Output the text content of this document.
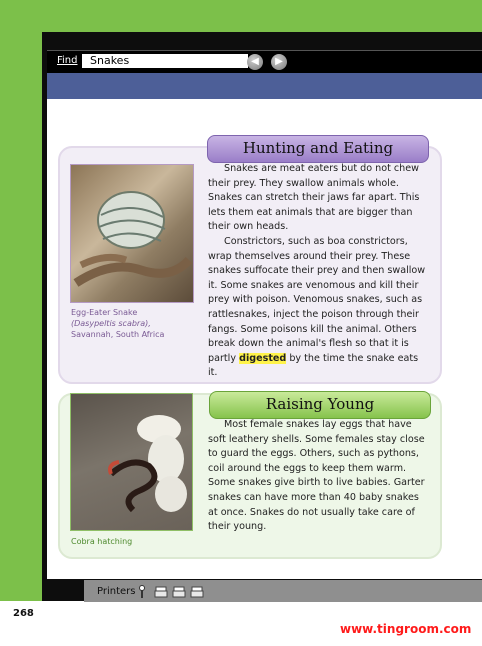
Find
Snakes	◀	▶
Hunting and Eating
Egg-Eater Snake
(Dasypeltis scabra),
Savannah, South Africa

Snakes are meat eaters but do not chew their prey. They swallow animals whole. Snakes can stretch their jaws far apart. This lets them eat animals that are bigger than their own heads.

Constrictors, such as boa constrictors, wrap themselves around their prey. These snakes suffocate their prey and then swallow it. Some snakes are venomous and kill their prey with poison. Venomous snakes, such as rattlesnakes, inject the poison through their fangs. Some poisons kill the animal. Others break down the animal's flesh so that it is partly digested by the time the snake eats it.

Raising Young
Cobra hatching

Most female snakes lay eggs that have soft leathery shells. Some females stay close to guard the eggs. Others, such as pythons, coil around the eggs to keep them warm. Some snakes give birth to live babies. Garter snakes can have more than 40 baby snakes at once. Snakes do not usually take care of their young.

Printers
268
www.tingroom.com
